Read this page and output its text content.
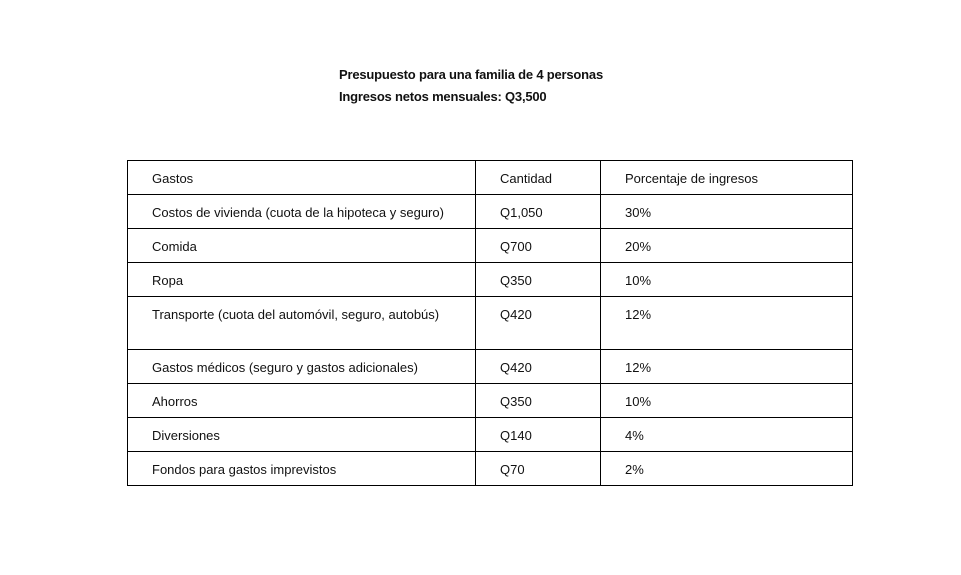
Presupuesto para una familia de 4 personas
Ingresos netos mensuales: Q3,500
Gastos	Cantidad	Porcentaje de ingresos
Costos de vivienda (cuota de la hipoteca y seguro)	Q1,050	30%
Comida	Q700	20%
Ropa	Q350	10%
Transporte (cuota del automóvil, seguro, autobús)	Q420	12%
Gastos médicos (seguro y gastos adicionales)	Q420	12%
Ahorros	Q350	10%
Diversiones	Q140	4%
Fondos para gastos imprevistos	Q70	2%
